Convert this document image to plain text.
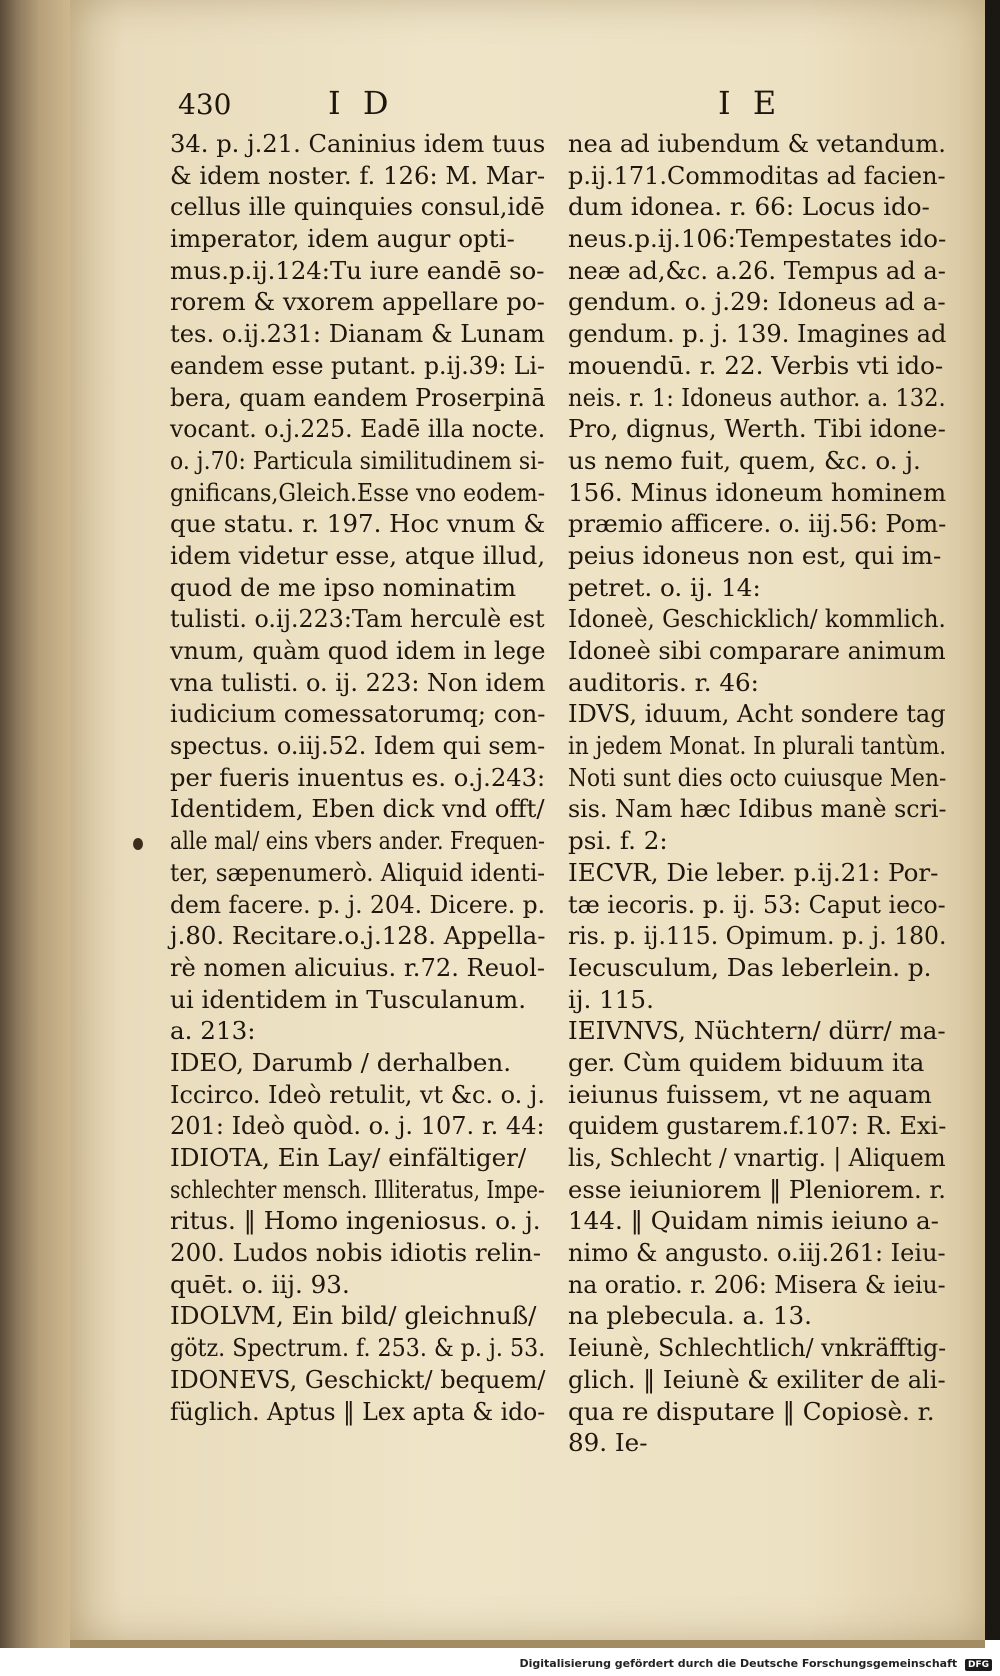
430	I D	I E
34. p. j.21. Caninius idem tuus
& idem noster. f. 126: M. Mar-
cellus ille quinquies consul,idē
imperator, idem augur opti-
mus.p.ij.124:Tu iure eandē so-
rorem & vxorem appellare po-
tes. o.ij.231: Dianam & Lunam
eandem esse putant. p.ij.39: Li-
bera, quam eandem Proserpinā
vocant. o.j.225. Eadē illa nocte.
o. j.70: Particula similitudinem si-
gnificans,Gleich.Esse vno eodem-
que statu. r. 197. Hoc vnum &
idem videtur esse, atque illud,
quod de me ipso nominatim
tulisti. o.ij.223:Tam herculè est
vnum, quàm quod idem in lege
vna tulisti. o. ij. 223: Non idem
iudicium comessatorumq; con-
spectus. o.iij.52. Idem qui sem-
per fueris inuentus es. o.j.243:
Identidem, Eben dick vnd offt/
alle mal/ eins vbers ander. Frequen-
ter, sæpenumerò. Aliquid identi-
dem facere. p. j. 204. Dicere. p.
j.80. Recitare.o.j.128. Appella-
rè nomen alicuius. r.72. Reuol-
ui identidem in Tusculanum.
a. 213:
IDEO, Darumb / derhalben.
Iccirco. Ideò retulit, vt &c. o. j.
201: Ideò quòd. o. j. 107. r. 44:
IDIOTA, Ein Lay/ einfältiger/
schlechter mensch. Illiteratus, Impe-
ritus. ‖ Homo ingeniosus. o. j.
200. Ludos nobis idiotis relin-
quēt. o. iij. 93.
IDOLVM, Ein bild/ gleichnuß/
götz. Spectrum. f. 253. & p. j. 53.
IDONEVS, Geschickt/ bequem/
füglich. Aptus ‖ Lex apta & ido-
nea ad iubendum & vetandum.
p.ij.171.Commoditas ad facien-
dum idonea. r. 66: Locus ido-
neus.p.ij.106:Tempestates ido-
neæ ad,&c. a.26. Tempus ad a-
gendum. o. j.29: Idoneus ad a-
gendum. p. j. 139. Imagines ad
mouendū. r. 22. Verbis vti ido-
neis. r. 1: Idoneus author. a. 132.
Pro, dignus, Werth. Tibi idone-
us nemo fuit, quem, &c. o. j.
156. Minus idoneum hominem
præmio afficere. o. iij.56: Pom-
peius idoneus non est, qui im-
petret. o. ij. 14:
Idoneè, Geschicklich/ kommlich.
Idoneè sibi comparare animum
auditoris. r. 46:
IDVS, iduum, Acht sondere tag
in jedem Monat. In plurali tantùm.
Noti sunt dies octo cuiusque Men-
sis. Nam hæc Idibus manè scri-
psi. f. 2:
IECVR, Die leber. p.ij.21: Por-
tæ iecoris. p. ij. 53: Caput ieco-
ris. p. ij.115. Opimum. p. j. 180.
Iecusculum, Das leberlein. p.
ij. 115.
IEIVNVS, Nüchtern/ dürr/ ma-
ger. Cùm quidem biduum ita
ieiunus fuissem, vt ne aquam
quidem gustarem.f.107: R. Exi-
lis, Schlecht / vnartig. | Aliquem
esse ieiuniorem ‖ Pleniorem. r.
144. ‖ Quidam nimis ieiuno a-
nimo & angusto. o.iij.261: Ieiu-
na oratio. r. 206: Misera & ieiu-
na plebecula. a. 13.
Ieiunè, Schlechtlich/ vnkräfftig-
glich. ‖ Ieiunè & exiliter de ali-
qua re disputare ‖ Copiosè. r.
89. Ie-
Digitalisierung gefördert durch die Deutsche Forschungsgemeinschaft DFG
